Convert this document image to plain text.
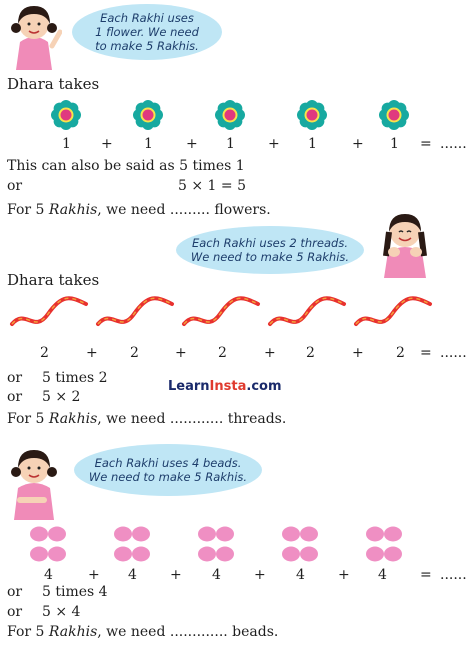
Each Rakhi uses
1 flower. We need
to make 5 Rakhis.
Dhara takes
1 + 1 + 1 + 1	+ 1 = ......
This can also be said as 5 times 1
or	5 × 1 = 5
For 5 Rakhis, we need ......... flowers.
Each Rakhi uses 2 threads.
We need to make 5 Rakhis.
Dhara takes
2	+ 2	+ 2	+ 2	+ 2 = ......
or 5 times 2
or 5 × 2
LearnInsta.com
For 5 Rakhis, we need ............ threads.
Each Rakhi uses 4 beads.
We need to make 5 Rakhis.
4	+ 4 + 4 + 4 + 4 = ......
or 5 times 4
or 5 × 4
For 5 Rakhis, we need ............. beads.
